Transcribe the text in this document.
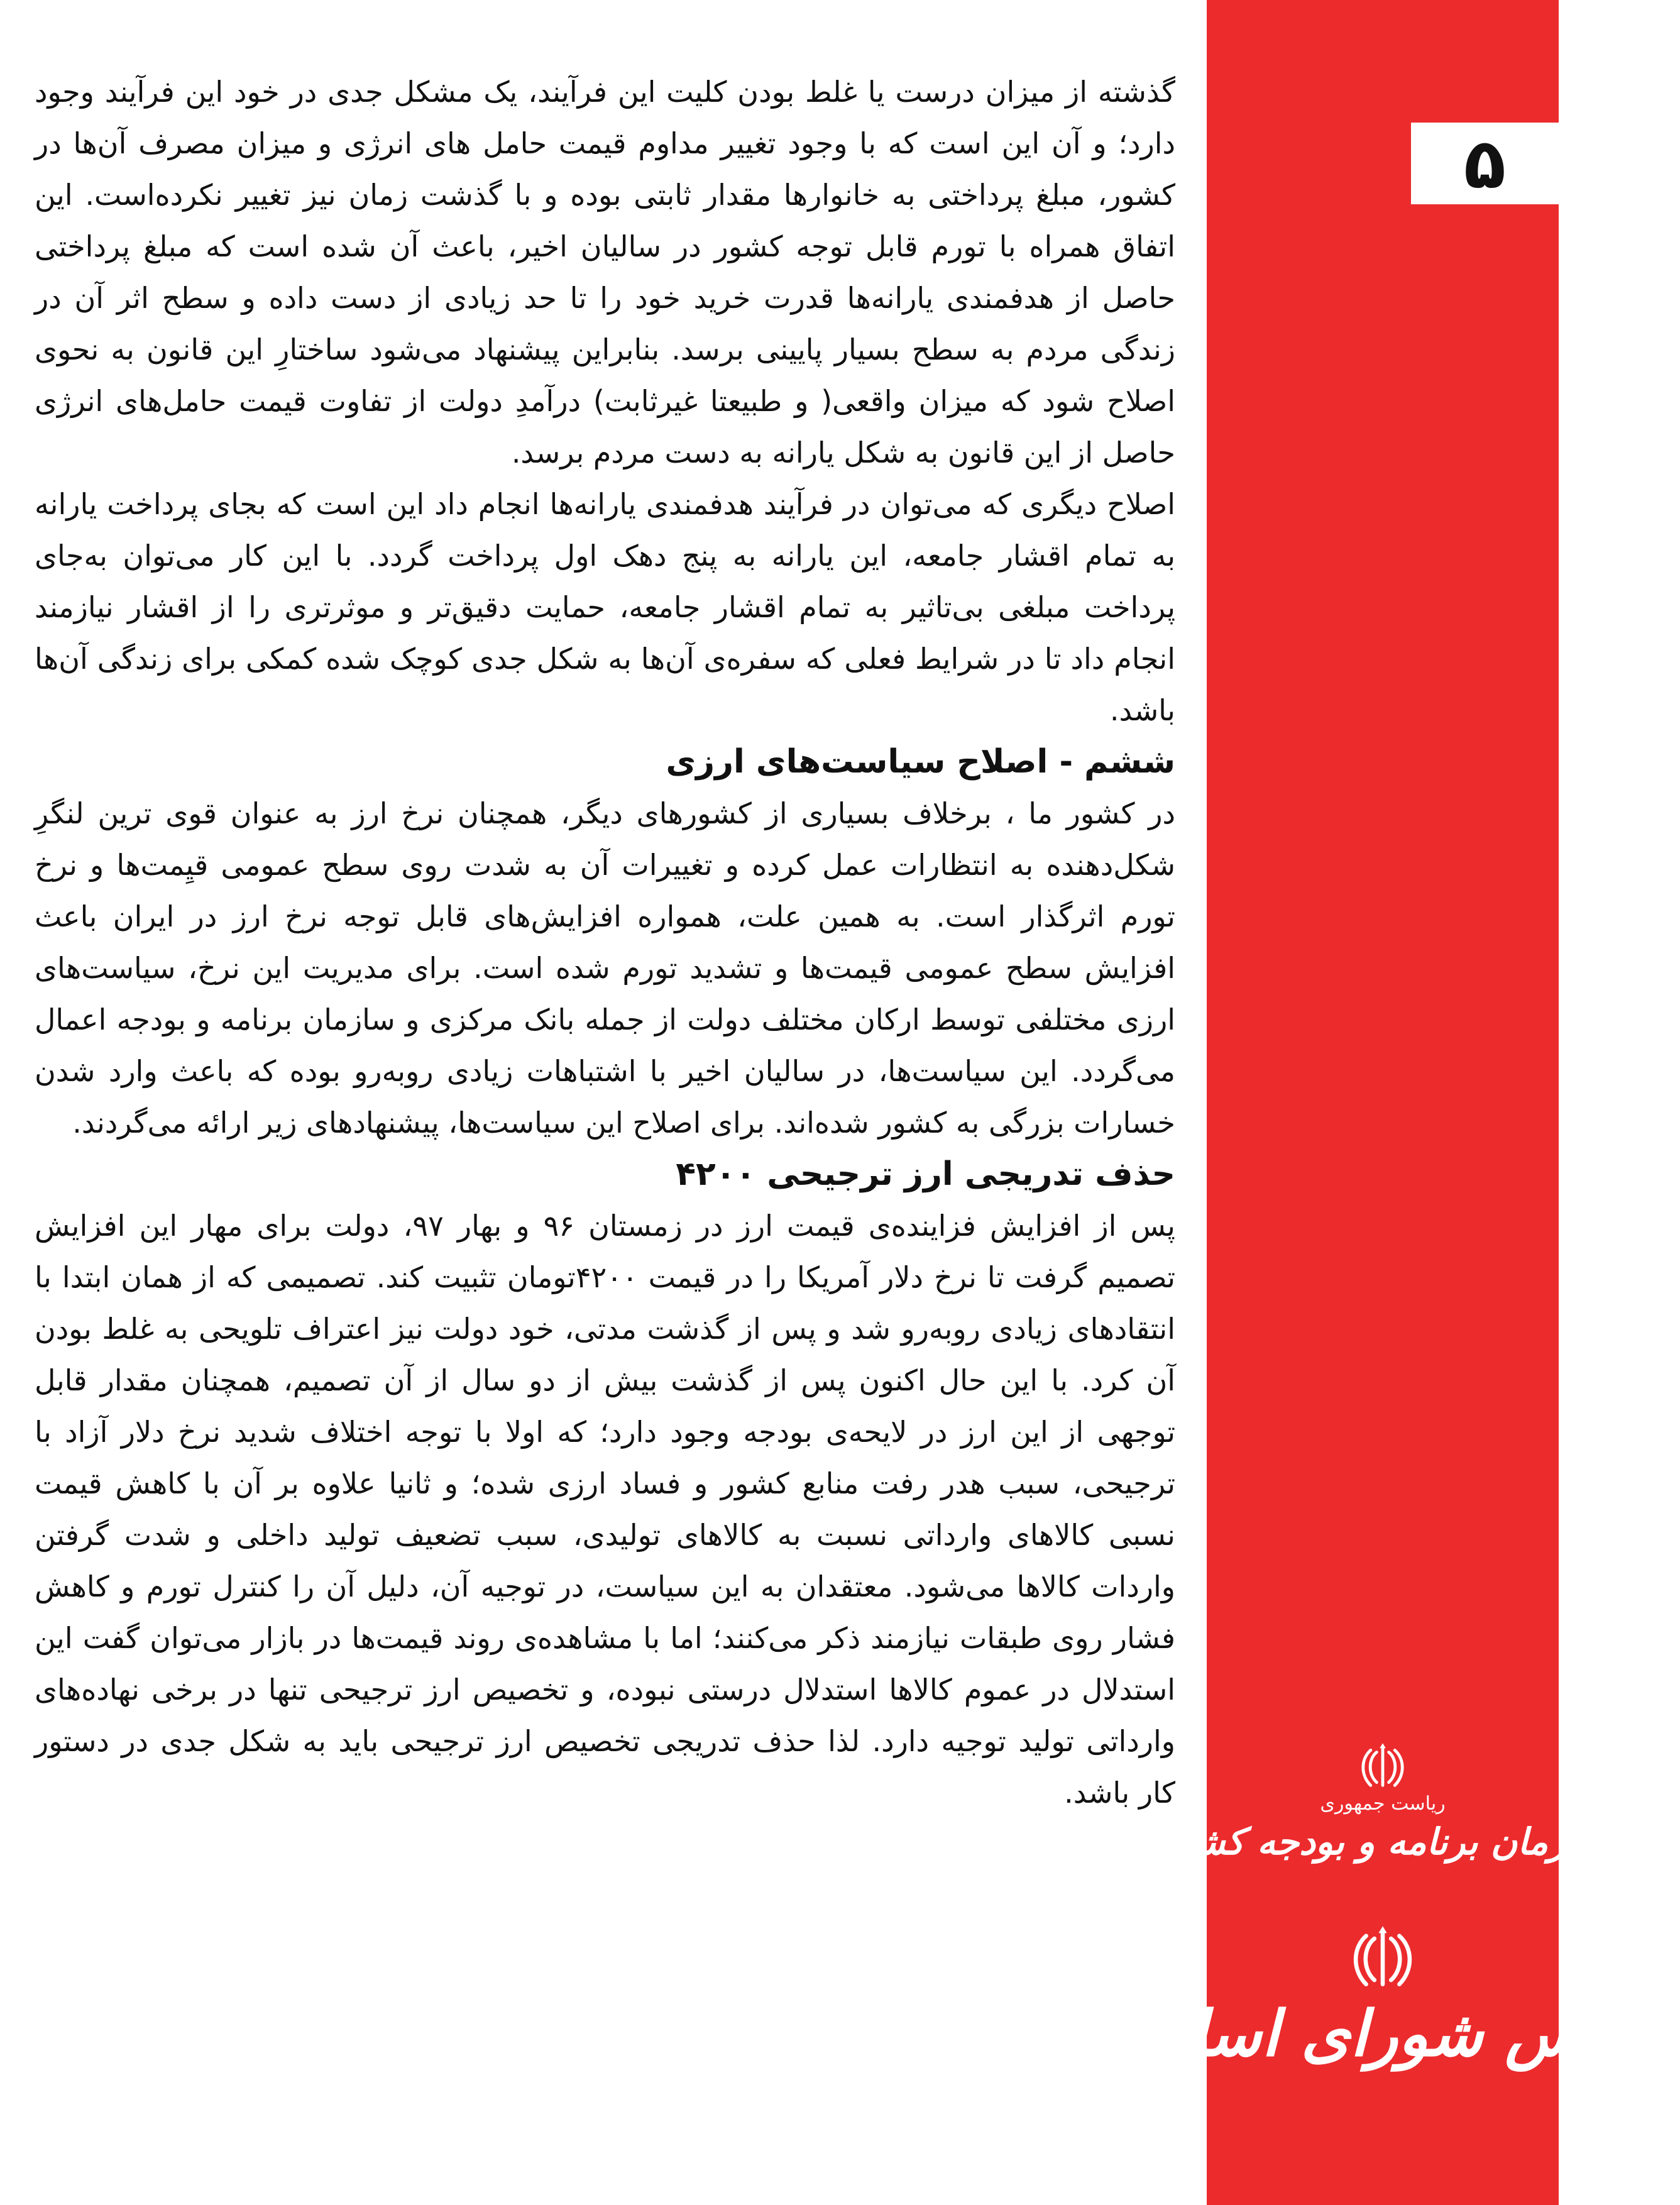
گذشته از میزان درست یا غلط بودن کلیت این فرآیند، یک مشکل جدی در خود این فرآیند وجود دارد؛ و آن این است که با وجود تغییر مداوم قیمت حامل های انرژی و میزان مصرف آن‌ها در کشور، مبلغ پرداختی به خانوارها مقدار ثابتی بوده و با گذشت زمان نیز تغییر نکرده‌است. این اتفاق همراه با تورم قابل توجه کشور در سالیان اخیر، باعث آن شده است که مبلغ پرداختی حاصل از هدفمندی یارانه‌ها قدرت خرید خود را تا حد زیادی از دست داده و سطح اثر آن در زندگی مردم به سطح بسیار پایینی برسد. بنابراین پیشنهاد می‌شود ساختارِ این قانون به نحوی اصلاح شود که میزان واقعی( و طبیعتا غیرثابت) درآمدِ دولت از تفاوت قیمت حامل‌های انرژی حاصل از این قانون به شکل یارانه به دست مردم برسد.

اصلاح دیگری که می‌توان در فرآیند هدفمندی یارانه‌ها انجام داد این است که بجای پرداخت یارانه به تمام اقشار جامعه، این یارانه به پنج دهک اول پرداخت گردد. با این کار می‌توان به‌جای پرداخت مبلغی بی‌تاثیر به تمام اقشار جامعه، حمایت دقیق‌تر و موثرتری را از اقشار نیازمند انجام داد تا در شرایط فعلی که سفره‌ی آن‌ها به شکل جدی کوچک شده کمکی برای زندگی آن‌ها باشد.

ششم - اصلاح سیاست‌های ارزی

در کشور ما ، برخلاف بسیاری از کشورهای دیگر، همچنان نرخ ارز به عنوان قوی ترین لنگرِ شکل‌دهنده به انتظارات عمل کرده و تغییرات آن به شدت روی سطح عمومی قیِمت‌ها و نرخ تورم اثرگذار است. به همین علت، همواره افزایش‌های قابل توجه نرخ ارز در ایران باعث افزایش سطح عمومی قیمت‌ها و تشدید تورم شده است. برای مدیریت این نرخ، سیاست‌های ارزی مختلفی توسط ارکان مختلف دولت از جمله بانک مرکزی و سازمان برنامه و بودجه اعمال می‌گردد. این سیاست‌ها، در سالیان اخیر با اشتباهات زیادی روبه‌رو بوده که باعث وارد شدن خسارات بزرگی به کشور شده‌اند. برای اصلاح این سیاست‌ها، پیشنهادهای زیر ارائه می‌گردند.

حذف تدریجی ارز ترجیحی ۴۲۰۰

پس از افزایش فزاینده‌ی قیمت ارز در زمستان ۹۶ و بهار ۹۷، دولت برای مهار این افزایش تصمیم گرفت تا نرخ دلار آمریکا را در قیمت ۴۲۰۰تومان تثبیت کند. تصمیمی که از همان ابتدا با انتقادهای زیادی روبه‌رو شد و پس از گذشت مدتی، خود دولت نیز اعتراف تلویحی به غلط بودن آن کرد. با این حال اکنون پس از گذشت بیش از دو سال از آن تصمیم، همچنان مقدار قابل توجهی از این ارز در لایحه‌ی بودجه وجود دارد؛ که اولا با توجه اختلاف شدید نرخ دلار آزاد با ترجیحی، سبب هدر رفت منابع کشور و فساد ارزی شده؛ و ثانیا علاوه بر آن با کاهش قیمت نسبی کالاهای وارداتی نسبت به کالاهای تولیدی، سبب تضعیف تولید داخلی و شدت گرفتن واردات کالاها می‌شود. معتقدان به این سیاست، در توجیه آن، دلیل آن را کنترل تورم و کاهش فشار روی طبقات نیازمند ذکر می‌کنند؛ اما با مشاهده‌ی روند قیمت‌ها در بازار می‌توان گفت این استدلال در عموم کالاها استدلال درستی نبوده، و تخصیص ارز ترجیحی تنها در برخی نهاده‌های وارداتی تولید توجیه دارد. لذا حذف تدریجی تخصیص ارز ترجیحی باید به شکل جدی در دستور کار باشد.

۵
ریاست جمهوری
سازمان برنامه و بودجه کشور
مجلس شورای اسلامی
